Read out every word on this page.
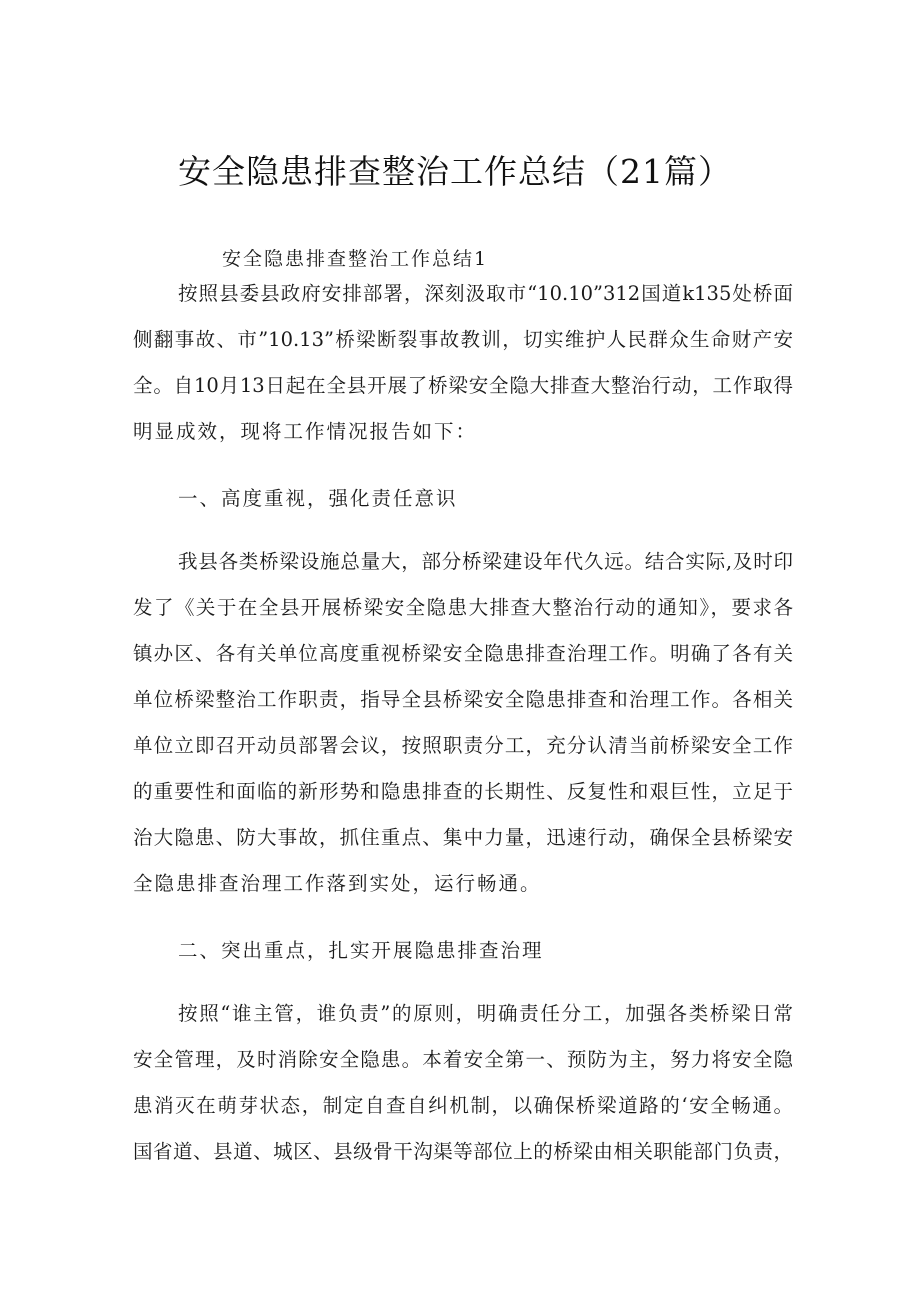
安全隐患排查整治工作总结（21篇）
安全隐患排查整治工作总结1
按照县委县政府安排部署，深刻汲取市“10.10”312国道k135处桥面
侧翻事故、市”10.13”桥梁断裂事故教训，切实维护人民群众生命财产安
全。自10月13日起在全县开展了桥梁安全隐大排查大整治行动，工作取得
明显成效，现将工作情况报告如下：
一、高度重视，强化责任意识
我县各类桥梁设施总量大，部分桥梁建设年代久远。结合实际,及时印
发了《关于在全县开展桥梁安全隐患大排查大整治行动的通知》，要求各
镇办区、各有关单位高度重视桥梁安全隐患排查治理工作。明确了各有关
单位桥梁整治工作职责，指导全县桥梁安全隐患排查和治理工作。各相关
单位立即召开动员部署会议，按照职责分工，充分认清当前桥梁安全工作
的重要性和面临的新形势和隐患排查的长期性、反复性和艰巨性，立足于
治大隐患、防大事故，抓住重点、集中力量，迅速行动，确保全县桥梁安
全隐患排查治理工作落到实处，运行畅通。
二、突出重点，扎实开展隐患排查治理
按照“谁主管，谁负责”的原则，明确责任分工，加强各类桥梁日常
安全管理，及时消除安全隐患。本着安全第一、预防为主，努力将安全隐
患消灭在萌芽状态，制定自查自纠机制，以确保桥梁道路的‘安全畅通。
国省道、县道、城区、县级骨干沟渠等部位上的桥梁由相关职能部门负责，
